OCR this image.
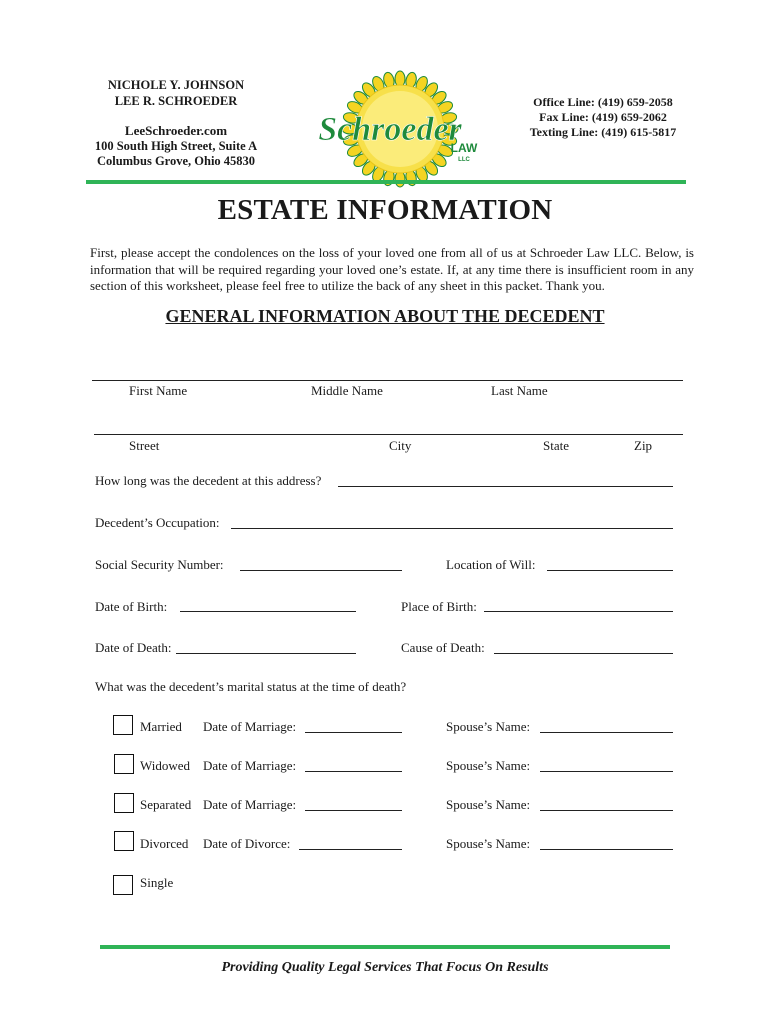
NICHOLE Y. JOHNSON
LEE R. SCHROEDER
LeeSchroeder.com
100 South High Street, Suite A
Columbus Grove, Ohio 45830
Schroeder
LAW
LLC
Office Line: (419) 659-2058
Fax Line: (419) 659-2062
Texting Line: (419) 615-5817
ESTATE INFORMATION
First, please accept the condolences on the loss of your loved one from all of us at Schroeder Law LLC. Below, is information that will be required regarding your loved one’s estate. If, at any time there is insufficient room in any section of this worksheet, please feel free to utilize the back of any sheet in this packet. Thank you.
GENERAL INFORMATION ABOUT THE DECEDENT
First Name	Middle Name	Last Name
Street	City	State	Zip
How long was the decedent at this address?
Decedent’s Occupation:
Social Security Number:	Location of Will:
Date of Birth:	Place of Birth:
Date of Death:	Cause of Death:
What was the decedent’s marital status at the time of death?
Married Date of Marriage:	Spouse’s Name:
Widowed Date of Marriage:	Spouse’s Name:
Separated Date of Marriage:	Spouse’s Name:
Divorced Date of Divorce:	Spouse’s Name:
Single
Providing Quality Legal Services That Focus On Results
